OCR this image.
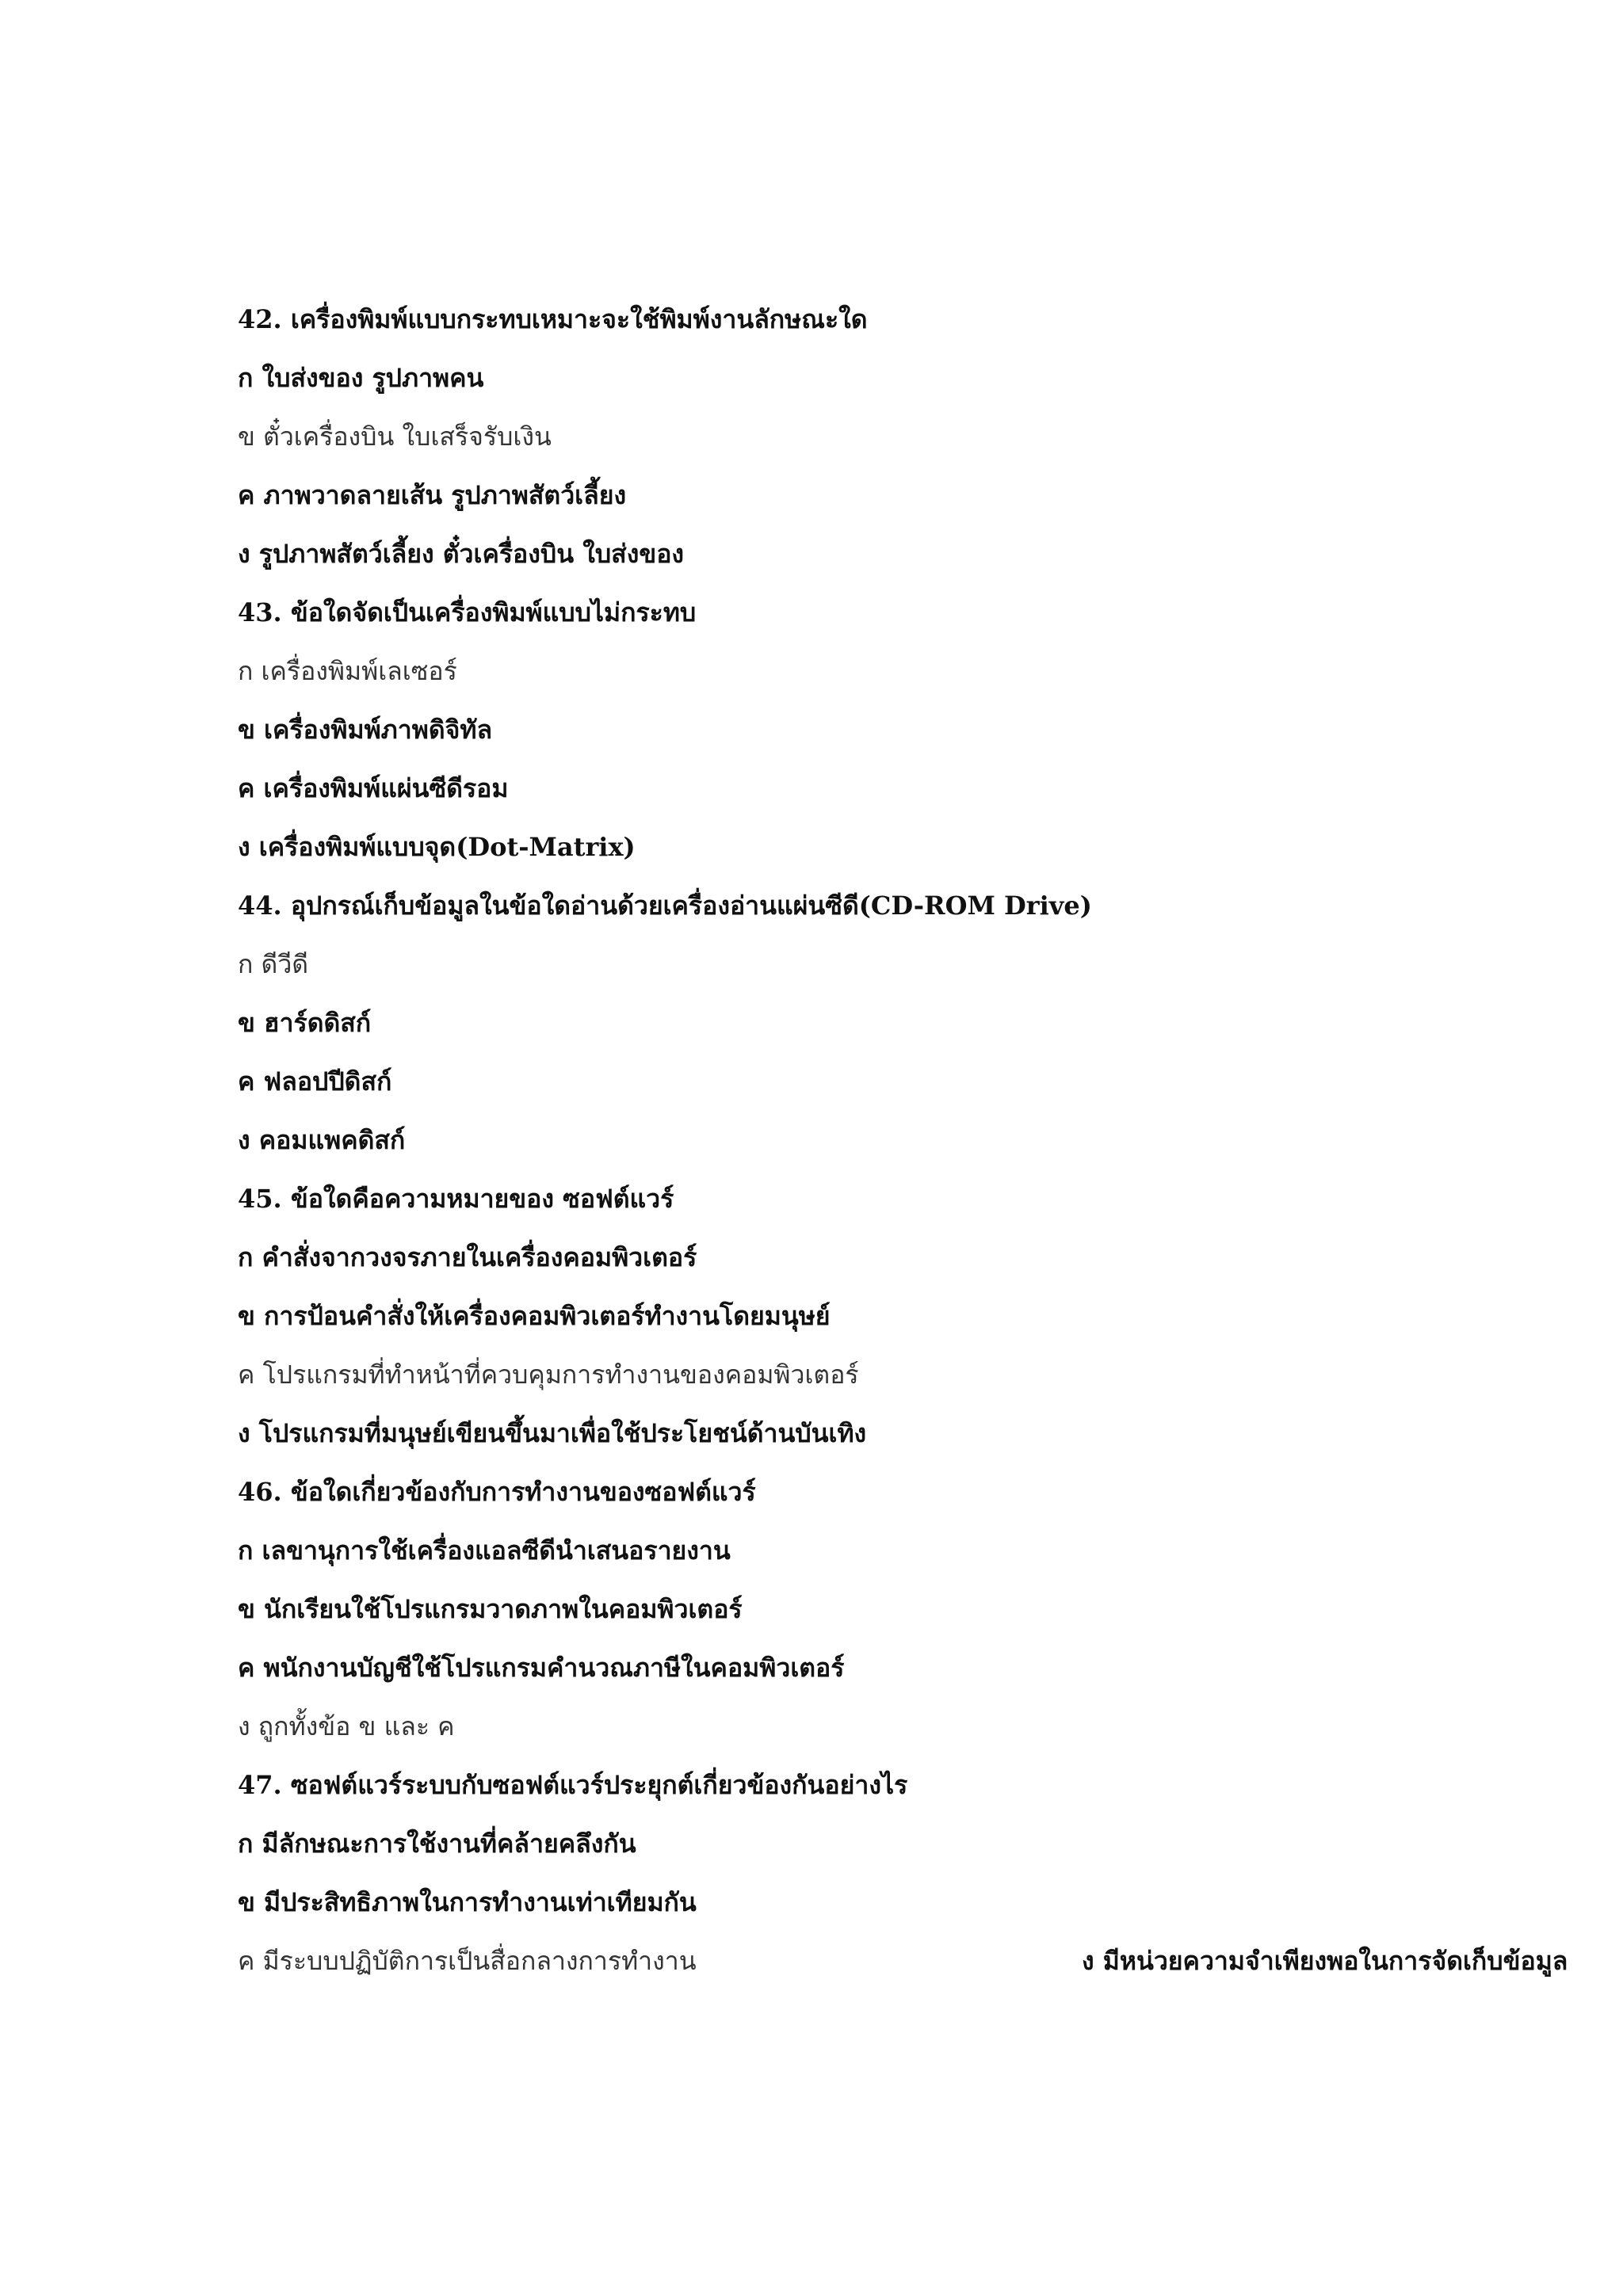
42. เครื่องพิมพ์แบบกระทบเหมาะจะใช้พิมพ์งานลักษณะใด
ก ใบส่งของ รูปภาพคน
ข ตั๋วเครื่องบิน ใบเสร็จรับเงิน
ค ภาพวาดลายเส้น รูปภาพสัตว์เลี้ยง
ง รูปภาพสัตว์เลี้ยง ตั๋วเครื่องบิน ใบส่งของ
43. ข้อใดจัดเป็นเครื่องพิมพ์แบบไม่กระทบ
ก เครื่องพิมพ์เลเซอร์
ข เครื่องพิมพ์ภาพดิจิทัล
ค เครื่องพิมพ์แผ่นซีดีรอม
ง เครื่องพิมพ์แบบจุด(Dot-Matrix)
44. อุปกรณ์เก็บข้อมูลในข้อใดอ่านด้วยเครื่องอ่านแผ่นซีดี(CD-ROM Drive)
ก ดีวีดี
ข ฮาร์ดดิสก์
ค ฟลอปปีดิสก์
ง คอมแพคดิสก์
45. ข้อใดคือความหมายของ ซอฟต์แวร์
ก คำสั่งจากวงจรภายในเครื่องคอมพิวเตอร์
ข การป้อนคำสั่งให้เครื่องคอมพิวเตอร์ทำงานโดยมนุษย์
ค โปรแกรมที่ทำหน้าที่ควบคุมการทำงานของคอมพิวเตอร์
ง โปรแกรมที่มนุษย์เขียนขึ้นมาเพื่อใช้ประโยชน์ด้านบันเทิง
46. ข้อใดเกี่ยวข้องกับการทำงานของซอฟต์แวร์
ก เลขานุการใช้เครื่องแอลซีดีนำเสนอรายงาน
ข นักเรียนใช้โปรแกรมวาดภาพในคอมพิวเตอร์
ค พนักงานบัญชีใช้โปรแกรมคำนวณภาษีในคอมพิวเตอร์
ง ถูกทั้งข้อ ข และ ค
47. ซอฟต์แวร์ระบบกับซอฟต์แวร์ประยุกต์เกี่ยวข้องกันอย่างไร
ก มีลักษณะการใช้งานที่คล้ายคลึงกัน
ข มีประสิทธิภาพในการทำงานเท่าเทียมกัน
ค มีระบบปฏิบัติการเป็นสื่อกลางการทำงาน	ง มีหน่วยความจำเพียงพอในการจัดเก็บข้อมูล
